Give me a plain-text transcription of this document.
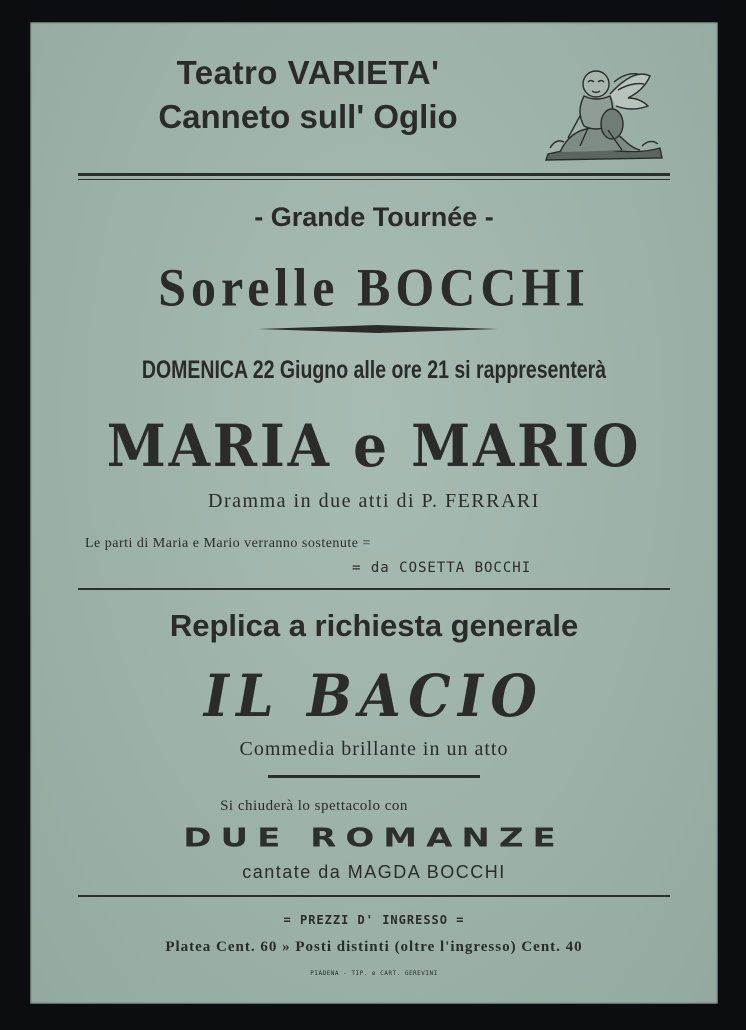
Teatro VARIETA'
Canneto sull' Oglio
- Grande Tournée -
Sorelle BOCCHI
DOMENICA 22 Giugno alle ore 21 si rappresenterà
MARIA e MARIO
Dramma in due atti di P. FERRARI
Le parti di Maria e Mario verranno sostenute =
= da COSETTA BOCCHI
Replica a richiesta generale
IL BACIO
Commedia brillante in un atto
Si chiuderà lo spettacolo con
DUE ROMANZE
cantate da MAGDA BOCCHI
= PREZZI D' INGRESSO =
Platea Cent. 60 » Posti distinti (oltre l'ingresso) Cent. 40
PIADENA - TIP. e CART. GEREVINI
